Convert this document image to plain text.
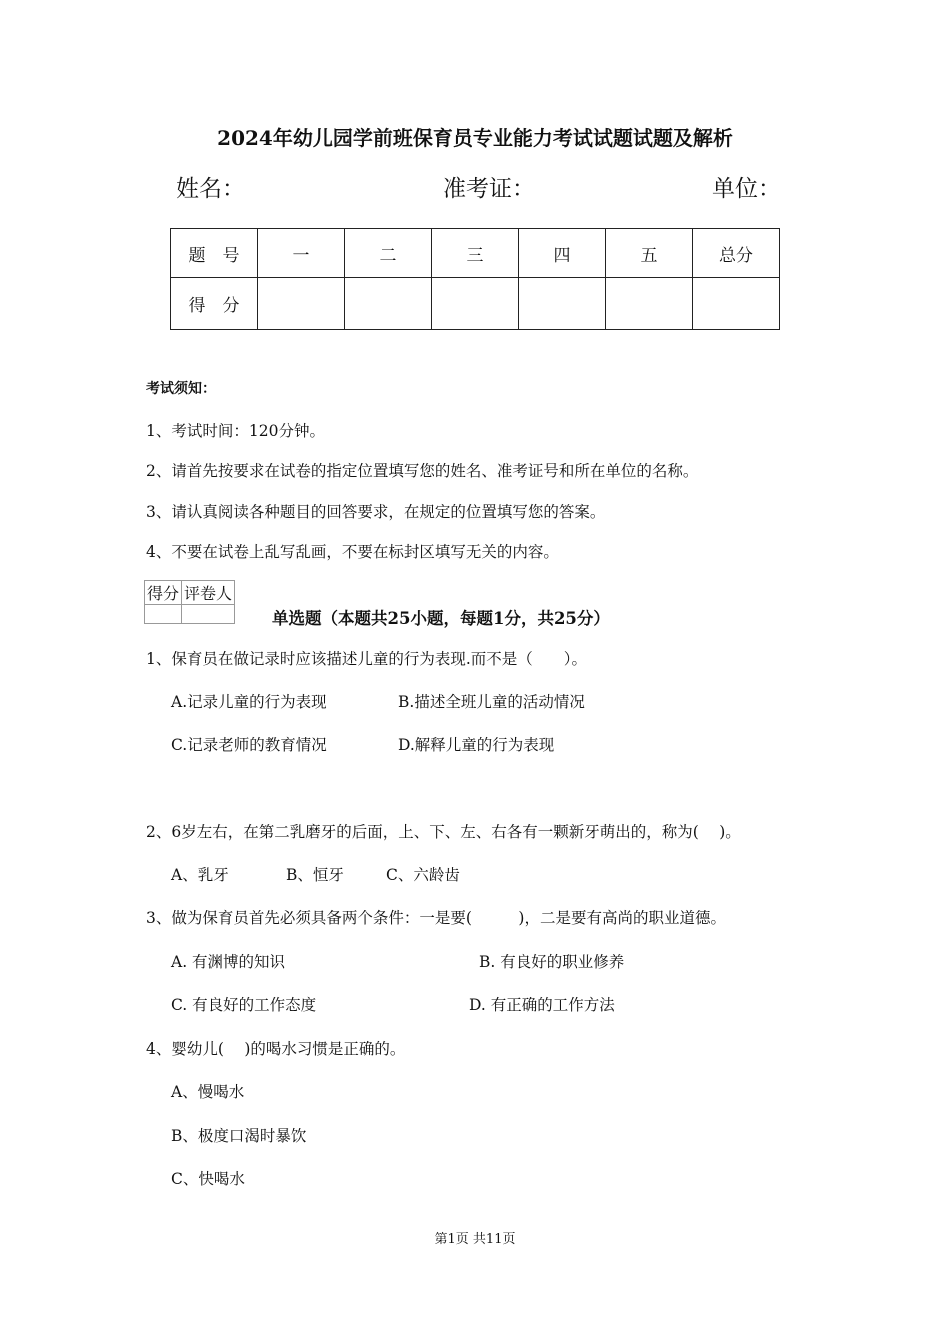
2024年幼儿园学前班保育员专业能力考试试题试题及解析
姓名：	准考证：	单位：
题　号	一	二	三	四	五	总分
得　分						
考试须知：
1、考试时间：120分钟。
2、请首先按要求在试卷的指定位置填写您的姓名、准考证号和所在单位的名称。
3、请认真阅读各种题目的回答要求，在规定的位置填写您的答案。
4、不要在试卷上乱写乱画，不要在标封区填写无关的内容。
得分	评卷人

单选题（本题共25小题，每题1分，共25分）
1、保育员在做记录时应该描述儿童的行为表现.而不是（　　）。
A.记录儿童的行为表现	B.描述全班儿童的活动情况
C.记录老师的教育情况	D.解释儿童的行为表现
2、6岁左右，在第二乳磨牙的后面，上、下、左、右各有一颗新牙萌出的，称为(　 )。
A、乳牙	B、恒牙	C、六龄齿
3、做为保育员首先必须具备两个条件：一是要(　　　)，二是要有高尚的职业道德。
A. 有渊博的知识	B. 有良好的职业修养
C. 有良好的工作态度	D. 有正确的工作方法
4、婴幼儿(　 )的喝水习惯是正确的。
A、慢喝水
B、极度口渴时暴饮
C、快喝水
第1页 共11页
